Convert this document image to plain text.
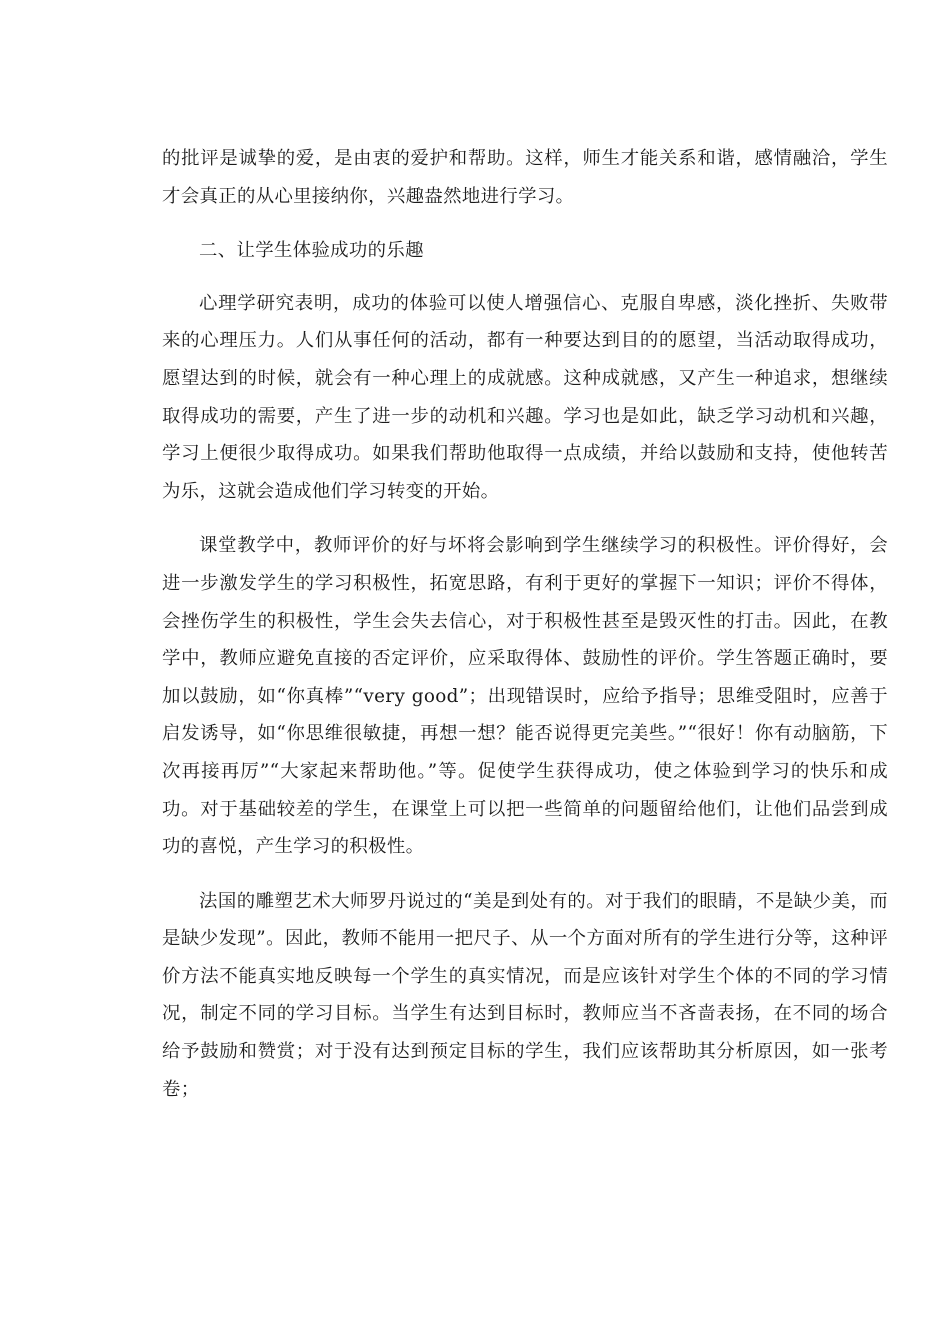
的批评是诚挚的爱，是由衷的爱护和帮助。这样，师生才能关系和谐，感情融洽，学生才会真正的从心里接纳你，兴趣盎然地进行学习。

二、让学生体验成功的乐趣

心理学研究表明，成功的体验可以使人增强信心、克服自卑感，淡化挫折、失败带来的心理压力。人们从事任何的活动，都有一种要达到目的的愿望，当活动取得成功，愿望达到的时候，就会有一种心理上的成就感。这种成就感，又产生一种追求，想继续取得成功的需要，产生了进一步的动机和兴趣。学习也是如此，缺乏学习动机和兴趣，学习上便很少取得成功。如果我们帮助他取得一点成绩，并给以鼓励和支持，使他转苦为乐，这就会造成他们学习转变的开始。

课堂教学中，教师评价的好与坏将会影响到学生继续学习的积极性。评价得好，会进一步激发学生的学习积极性，拓宽思路，有利于更好的掌握下一知识；评价不得体，会挫伤学生的积极性，学生会失去信心，对于积极性甚至是毁灭性的打击。因此，在教学中，教师应避免直接的否定评价，应采取得体、鼓励性的评价。学生答题正确时，要加以鼓励，如“你真棒”“very good”；出现错误时，应给予指导；思维受阻时，应善于启发诱导，如“你思维很敏捷，再想一想？能否说得更完美些。”“很好！你有动脑筋，下次再接再厉”“大家起来帮助他。”等。促使学生获得成功，使之体验到学习的快乐和成功。对于基础较差的学生，在课堂上可以把一些简单的问题留给他们，让他们品尝到成功的喜悦，产生学习的积极性。

法国的雕塑艺术大师罗丹说过的“美是到处有的。对于我们的眼睛，不是缺少美，而是缺少发现”。因此，教师不能用一把尺子、从一个方面对所有的学生进行分等，这种评价方法不能真实地反映每一个学生的真实情况，而是应该针对学生个体的不同的学习情况，制定不同的学习目标。当学生有达到目标时，教师应当不吝啬表扬，在不同的场合给予鼓励和赞赏；对于没有达到预定目标的学生，我们应该帮助其分析原因，如一张考卷；
